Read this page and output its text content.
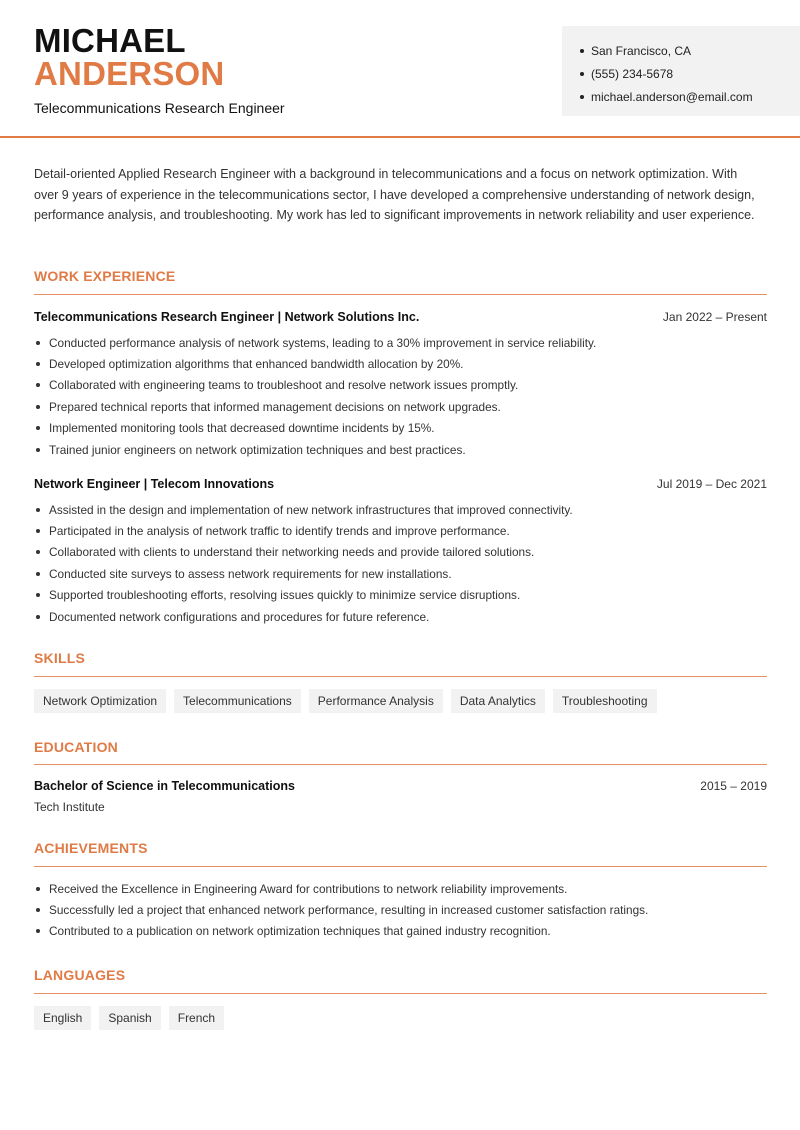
MICHAEL
ANDERSON
Telecommunications Research Engineer
San Francisco, CA
(555) 234-5678
michael.anderson@email.com

Detail-oriented Applied Research Engineer with a background in telecommunications and a focus on network optimization. With over 9 years of experience in the telecommunications sector, I have developed a comprehensive understanding of network design, performance analysis, and troubleshooting. My work has led to significant improvements in network reliability and user experience.

WORK EXPERIENCE
Telecommunications Research Engineer | Network Solutions Inc.	Jan 2022 – Present
Conducted performance analysis of network systems, leading to a 30% improvement in service reliability.
Developed optimization algorithms that enhanced bandwidth allocation by 20%.
Collaborated with engineering teams to troubleshoot and resolve network issues promptly.
Prepared technical reports that informed management decisions on network upgrades.
Implemented monitoring tools that decreased downtime incidents by 15%.
Trained junior engineers on network optimization techniques and best practices.
Network Engineer | Telecom Innovations	Jul 2019 – Dec 2021
Assisted in the design and implementation of new network infrastructures that improved connectivity.
Participated in the analysis of network traffic to identify trends and improve performance.
Collaborated with clients to understand their networking needs and provide tailored solutions.
Conducted site surveys to assess network requirements for new installations.
Supported troubleshooting efforts, resolving issues quickly to minimize service disruptions.
Documented network configurations and procedures for future reference.
SKILLS
Network Optimization	Telecommunications	Performance Analysis	Data Analytics	Troubleshooting
EDUCATION
Bachelor of Science in Telecommunications	2015 – 2019
Tech Institute
ACHIEVEMENTS
Received the Excellence in Engineering Award for contributions to network reliability improvements.
Successfully led a project that enhanced network performance, resulting in increased customer satisfaction ratings.
Contributed to a publication on network optimization techniques that gained industry recognition.
LANGUAGES
English	Spanish	French
